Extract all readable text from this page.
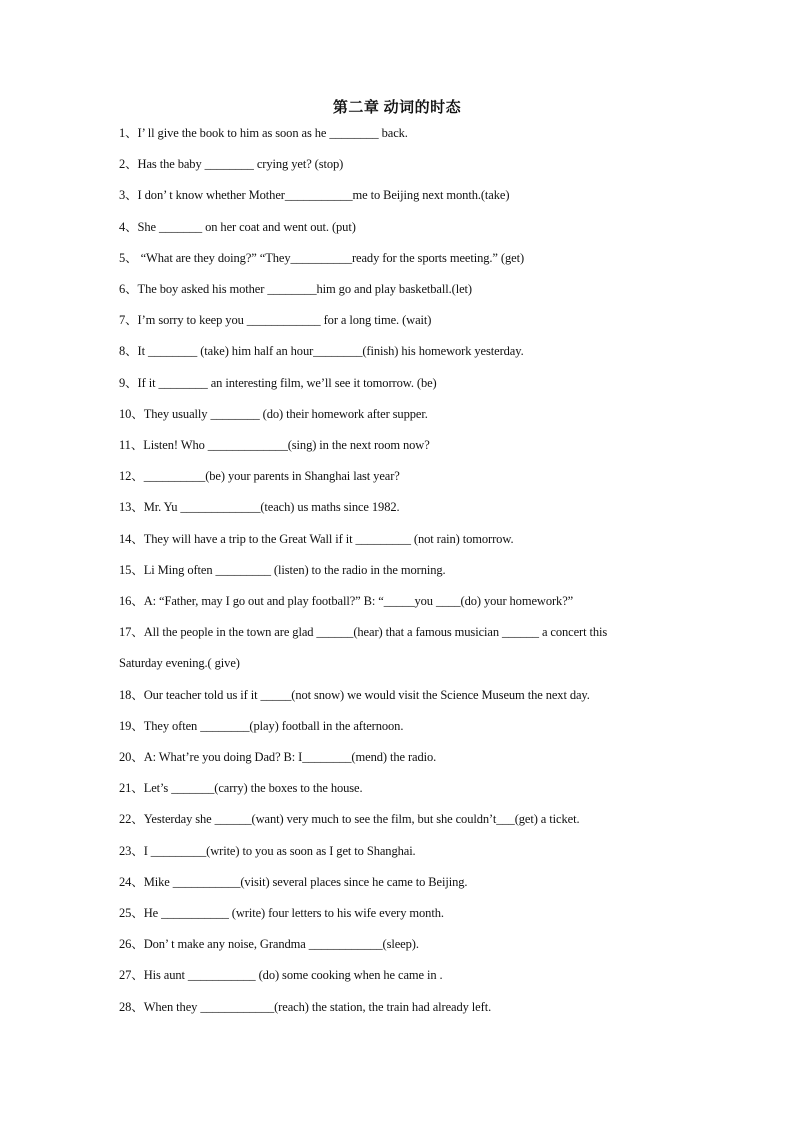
第二章 动词的时态
1、I’ ll give the book to him as soon as he ________ back.
2、Has the baby ________ crying yet? (stop)
3、I don’ t know whether Mother___________me to Beijing next month.(take)
4、She _______ on her coat and went out. (put)
5、 “What are they doing?” “They__________ready for the sports meeting.” (get)
6、The boy asked his mother ________him go and play basketball.(let)
7、I’m sorry to keep you ____________ for a long time. (wait)
8、It ________ (take) him half an hour________(finish) his homework yesterday.
9、If it ________ an interesting film, we’ll see it tomorrow. (be)
10、They usually ________ (do) their homework after supper.
11、Listen! Who _____________(sing) in the next room now?
12、__________(be) your parents in Shanghai last year?
13、Mr. Yu _____________(teach) us maths since 1982.
14、They will have a trip to the Great Wall if it _________ (not rain) tomorrow.
15、Li Ming often _________ (listen) to the radio in the morning.
16、A: “Father, may I go out and play football?” B: “_____you ____(do) your homework?”
17、All the people in the town are glad ______(hear) that a famous musician ______ a concert this
Saturday evening.( give)
18、Our teacher told us if it _____(not snow) we would visit the Science Museum the next day.
19、They often ________(play) football in the afternoon.
20、A: What’re you doing Dad? B: I________(mend) the radio.
21、Let’s _______(carry) the boxes to the house.
22、Yesterday she ______(want) very much to see the film, but she couldn’t___(get) a ticket.
23、I _________(write) to you as soon as I get to Shanghai.
24、Mike ___________(visit) several places since he came to Beijing.
25、He ___________ (write) four letters to his wife every month.
26、Don’ t make any noise, Grandma ____________(sleep).
27、His aunt ___________ (do) some cooking when he came in .
28、When they ____________(reach) the station, the train had already left.
